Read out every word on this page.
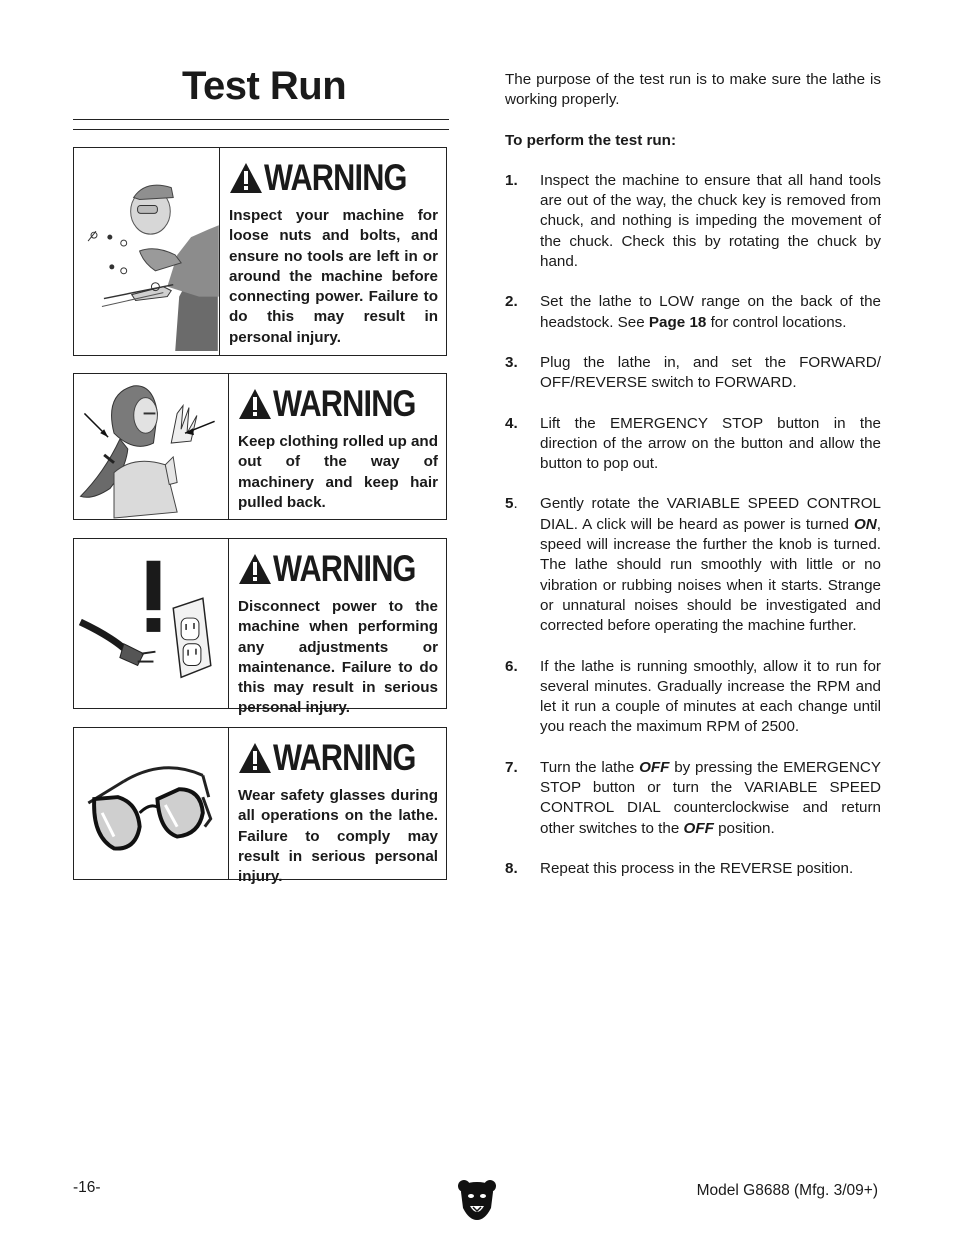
Test Run
WARNING
Inspect your machine for loose nuts and bolts, and ensure no tools are left in or around the machine before connecting power. Failure to do this may result in personal injury.
WARNING
Keep clothing rolled up and out of the way of machinery and keep hair pulled back.
WARNING
Disconnect power to the machine when performing any adjustments or maintenance. Failure to do this may result in serious personal injury.
WARNING
Wear safety glasses during all operations on the lathe. Failure to comply may result in serious personal injury.

The purpose of the test run is to make sure the lathe is working properly.

To perform the test run:

1.	Inspect the machine to ensure that all hand tools are out of the way, the chuck key is removed from chuck, and nothing is impeding the movement of the chuck. Check this by rotating the chuck by hand.
2.	Set the lathe to LOW range on the back of the headstock. See Page 18 for control locations.
3.	Plug the lathe in, and set the FORWARD/ OFF/REVERSE switch to FORWARD.
4.	Lift the EMERGENCY STOP button in the direction of the arrow on the button and allow the button to pop out.
5.	Gently rotate the VARIABLE SPEED CONTROL DIAL. A click will be heard as power is turned ON, speed will increase the further the knob is turned. The lathe should run smoothly with little or no vibration or rubbing noises when it starts. Strange or unnatural noises should be investigated and corrected before operating the machine further.
6.	If the lathe is running smoothly, allow it to run for several minutes. Gradually increase the RPM and let it run a couple of minutes at each change until you reach the maximum RPM of 2500.
7.	Turn the lathe OFF by pressing the EMERGENCY STOP button or turn the VARIABLE SPEED CONTROL DIAL counterclockwise and return other switches to the OFF position.
8.	Repeat this process in the REVERSE position.
-16-	Model G8688 (Mfg. 3/09+)
